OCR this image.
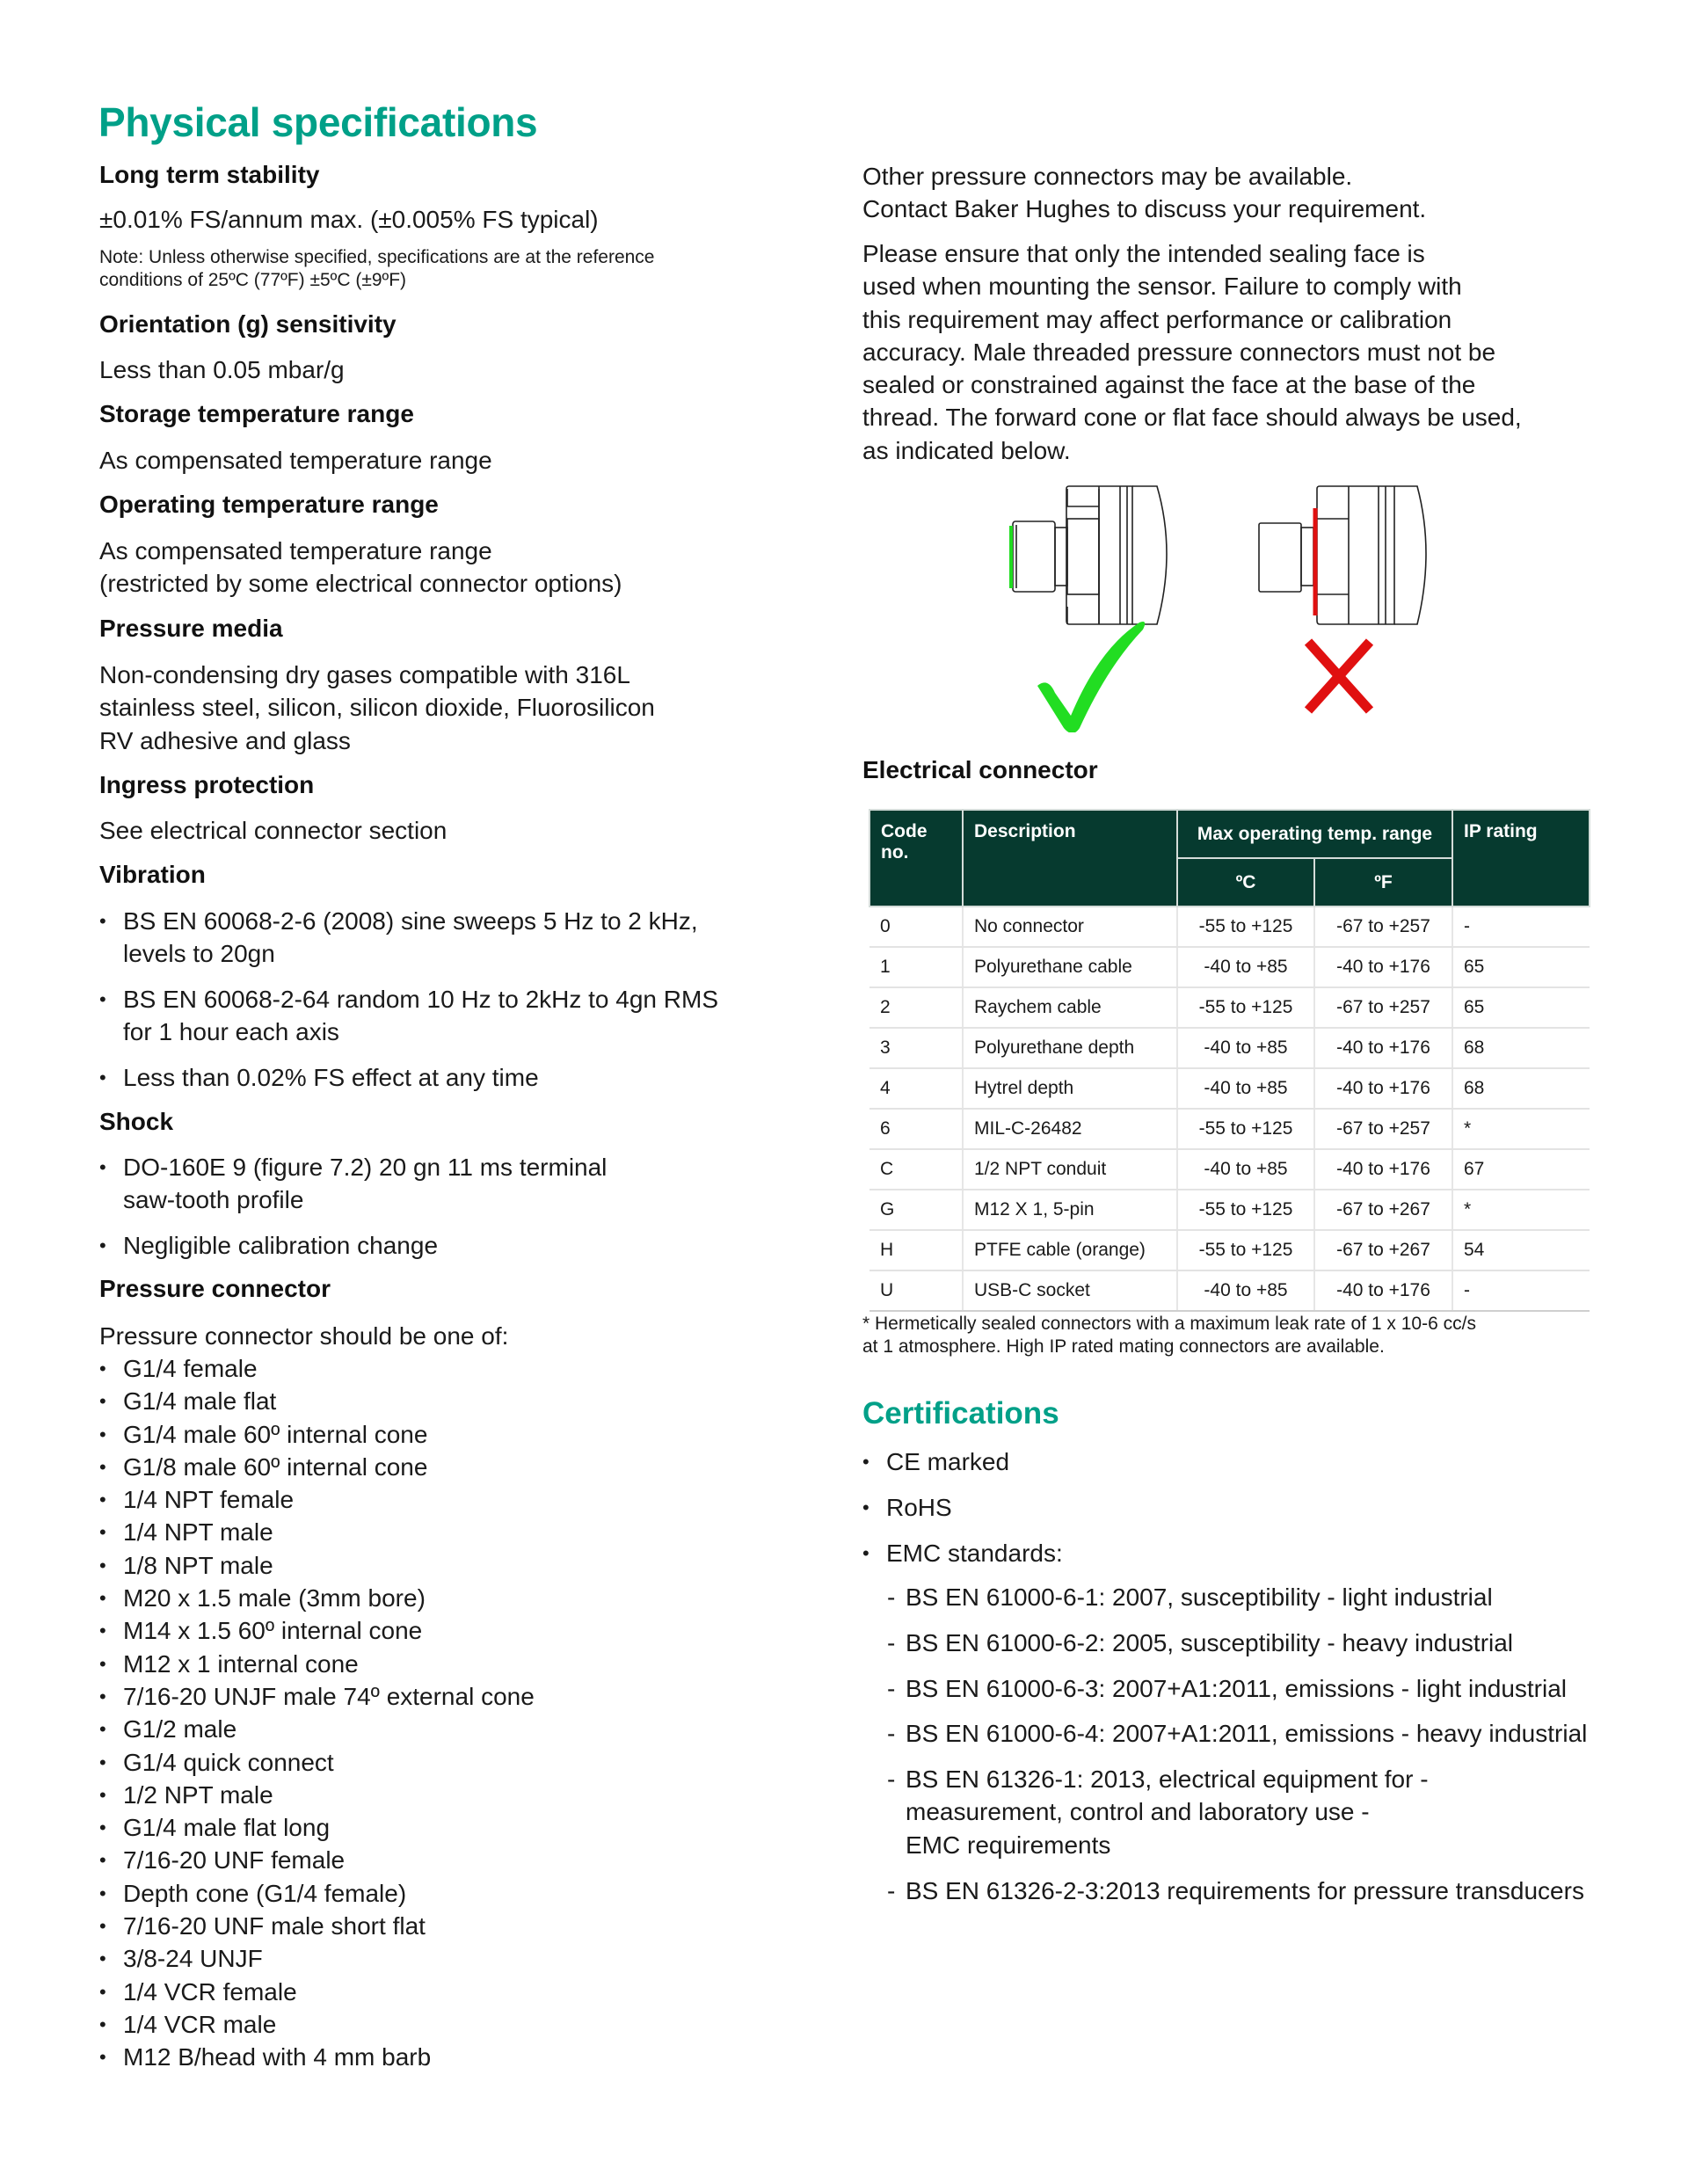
Physical specifications
Long term stability
±0.01% FS/annum max. (±0.005% FS typical)
Note: Unless otherwise specified, specifications are at the reference
conditions of 25ºC (77ºF) ±5ºC (±9ºF)
Orientation (g) sensitivity
Less than 0.05 mbar/g
Storage temperature range
As compensated temperature range
Operating temperature range
As compensated temperature range
(restricted by some electrical connector options)
Pressure media
Non-condensing dry gases compatible with 316L
stainless steel, silicon, silicon dioxide, Fluorosilicon
RV adhesive and glass
Ingress protection
See electrical connector section
Vibration
• BS EN 60068-2-6 (2008) sine sweeps 5 Hz to 2 kHz,
levels to 20gn
• BS EN 60068-2-64 random 10 Hz to 2kHz to 4gn RMS
for 1 hour each axis
• Less than 0.02% FS effect at any time
Shock
• DO-160E 9 (figure 7.2) 20 gn 11 ms terminal
saw-tooth profile
• Negligible calibration change
Pressure connector
Pressure connector should be one of:
• G1/4 female
• G1/4 male flat
• G1/4 male 60º internal cone
• G1/8 male 60º internal cone
• 1/4 NPT female
• 1/4 NPT male
• 1/8 NPT male
• M20 x 1.5 male (3mm bore)
• M14 x 1.5 60º internal cone
• M12 x 1 internal cone
• 7/16-20 UNJF male 74º external cone
• G1/2 male
• G1/4 quick connect
• 1/2 NPT male
• G1/4 male flat long
• 7/16-20 UNF female
• Depth cone (G1/4 female)
• 7/16-20 UNF male short flat
• 3/8-24 UNJF
• 1/4 VCR female
• 1/4 VCR male
• M12 B/head with 4 mm barb
Other pressure connectors may be available.
Contact Baker Hughes to discuss your requirement.
Please ensure that only the intended sealing face is
used when mounting the sensor. Failure to comply with
this requirement may affect performance or calibration
accuracy. Male threaded pressure connectors must not be
sealed or constrained against the face at the base of the
thread. The forward cone or flat face should always be used,
as indicated below.
Electrical connector
Code no.	Description	Max operating temp. range		IP rating
		ºC	ºF	
0	No connector	-55 to +125	-67 to +257	-
1	Polyurethane cable	-40 to +85	-40 to +176	65
2	Raychem cable	-55 to +125	-67 to +257	65
3	Polyurethane depth	-40 to +85	-40 to +176	68
4	Hytrel depth	-40 to +85	-40 to +176	68
6	MIL-C-26482	-55 to +125	-67 to +257	*
C	1/2 NPT conduit	-40 to +85	-40 to +176	67
G	M12 X 1, 5-pin	-55 to +125	-67 to +267	*
H	PTFE cable (orange)	-55 to +125	-67 to +267	54
U	USB-C socket	-40 to +85	-40 to +176	-
* Hermetically sealed connectors with a maximum leak rate of 1 x 10-6 cc/s
at 1 atmosphere. High IP rated mating connectors are available.
Certifications
• CE marked
• RoHS
• EMC standards:
- BS EN 61000-6-1: 2007, susceptibility - light industrial
- BS EN 61000-6-2: 2005, susceptibility - heavy industrial
- BS EN 61000-6-3: 2007+A1:2011, emissions - light industrial
- BS EN 61000-6-4: 2007+A1:2011, emissions - heavy industrial
- BS EN 61326-1: 2013, electrical equipment for -
measurement, control and laboratory use -
EMC requirements
- BS EN 61326-2-3:2013 requirements for pressure transducers
